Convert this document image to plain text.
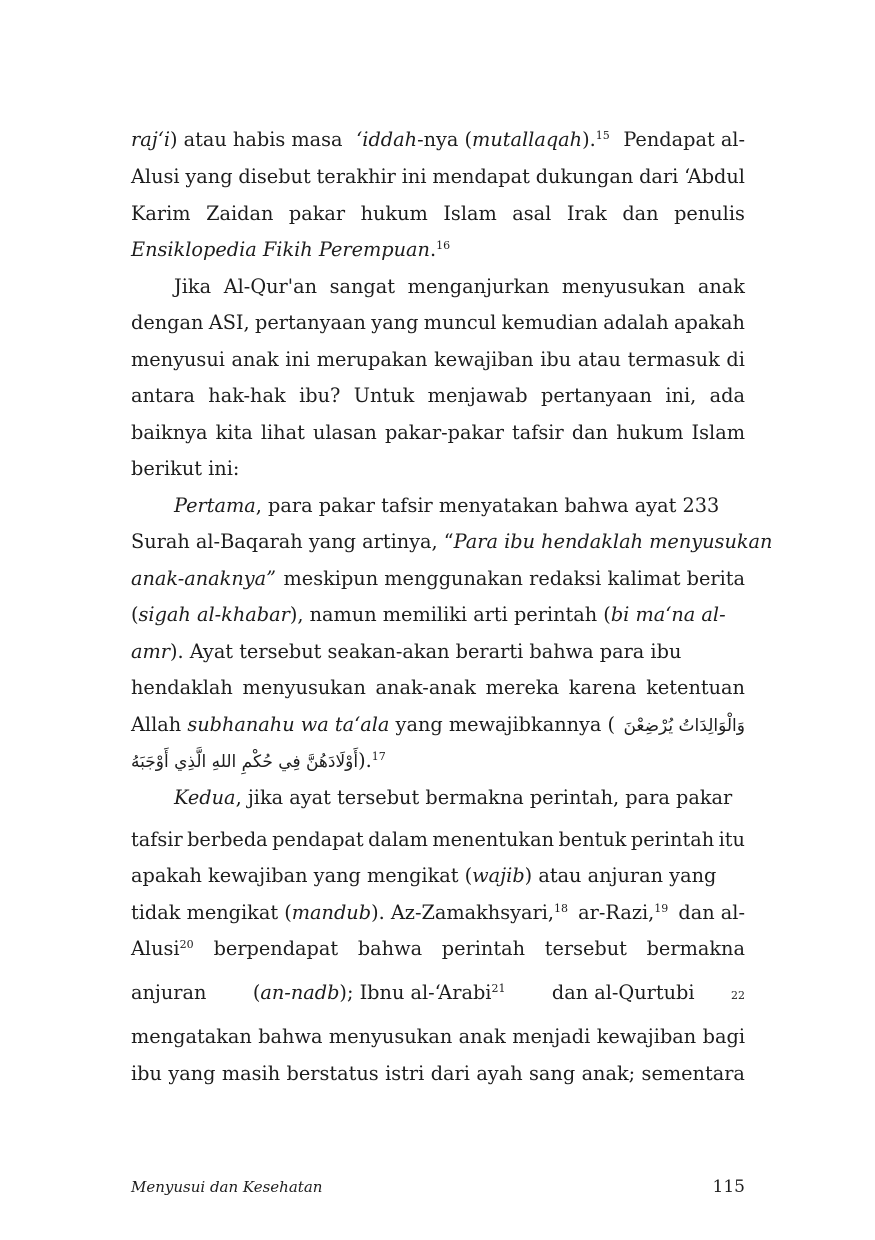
raj‘i) atau habis masa ‘iddah-nya (mutallaqah).$^{15}$ Pendapat al-
Alusi yang disebut terakhir ini mendapat dukungan dari ‘Abdul
Karim Zaidan pakar hukum Islam asal Irak dan penulis
Ensiklopedia Fikih Perempuan.$^{16}$
Jika Al-Qur'an sangat menganjurkan menyusukan anak
dengan ASI, pertanyaan yang muncul kemudian adalah apakah
menyusui anak ini merupakan kewajiban ibu atau termasuk di
antara hak-hak ibu? Untuk menjawab pertanyaan ini, ada
baiknya kita lihat ulasan pakar-pakar tafsir dan hukum Islam
berikut ini:
Pertama, para pakar tafsir menyatakan bahwa ayat 233
Surah al-Baqarah yang artinya, “ Para ibu hendaklah menyusukan
anak-anaknya” meskipun menggunakan redaksi kalimat berita
(sigah al-khabar), namun memiliki arti perintah (bi ma‘na al-
amr). Ayat tersebut seakan-akan berarti bahwa para ibu
hendaklah menyusukan anak-anak mereka karena ketentuan
Allah subhanahu wa ta‘ala yang mewajibkannya ( وَالْوَالِدَاتُ يُرْضِعْنَ
أَوْلَادَهُنَّ فِي حُكْمِ اللهِ الَّذِي أَوْجَبَهُ ).$^{17}$
Kedua, jika ayat tersebut bermakna perintah, para pakar
tafsir berbeda pendapat dalam menentukan bentuk perintah itu
apakah kewajiban yang mengikat (wajib) atau anjuran yang
tidak mengikat (mandub). Az-Zamakhsyari,$^{18}$ ar-Razi,$^{19}$ dan al-
Alusi$^{20}$ berpendapat bahwa perintah tersebut bermakna
anjuran (an-nadb); Ibnu al-‘Arabi$^{21}$ dan al-Qurtubi	22
mengatakan bahwa menyusukan anak menjadi kewajiban bagi
ibu yang masih berstatus istri dari ayah sang anak; sementara
Menyusui dan Kesehatan	115
